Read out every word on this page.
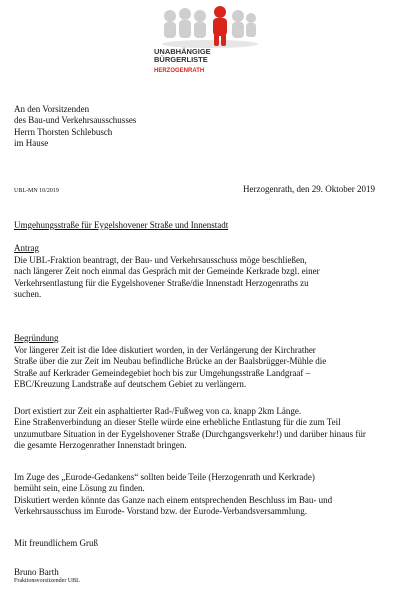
UNABHÄNGIGE
BÜRGERLISTE
HERZOGENRATH
An den Vorsitzenden
des Bau-und Verkehrsausschusses
Herrn Thorsten Schlebusch
im Hause
UBL-MN 10/2019	Herzogenrath, den 29. Oktober 2019
Umgehungsstraße für Eygelshovener Straße und Innenstadt
Antrag
Die UBL-Fraktion beantragt, der Bau- und Verkehrsausschuss möge beschließen,
nach längerer Zeit noch einmal das Gespräch mit der Gemeinde Kerkrade bzgl. einer
Verkehrsentlastung für die Eygelshovener Straße/die Innenstadt Herzogenraths zu
suchen.
Begründung
Vor längerer Zeit ist die Idee diskutiert worden, in der Verlängerung der Kirchrather
Straße über die zur Zeit im Neubau befindliche Brücke an der Baalsbrügger-Mühle die
Straße auf Kerkrader Gemeindegebiet hoch bis zur Umgehungsstraße Landgraaf –
EBC/Kreuzung Landstraße auf deutschem Gebiet zu verlängern.
Dort existiert zur Zeit ein asphaltierter Rad-/Fußweg von ca. knapp 2km Länge.
Eine Straßenverbindung an dieser Stelle würde eine erhebliche Entlastung für die zum Teil
unzumutbare Situation in der Eygelshovener Straße (Durchgangsverkehr!) und darüber hinaus für
die gesamte Herzogenrather Innenstadt bringen.
Im Zuge des „Eurode-Gedankens“ sollten beide Teile (Herzogenrath und Kerkrade)
bemüht sein, eine Lösung zu finden.
Diskutiert werden könnte das Ganze nach einem entsprechenden Beschluss im Bau- und
Verkehrsausschuss im Eurode- Vorstand bzw. der Eurode-Verbandsversammlung.
Mit freundlichem Gruß
Bruno Barth
Fraktionsvorsitzender UBL
